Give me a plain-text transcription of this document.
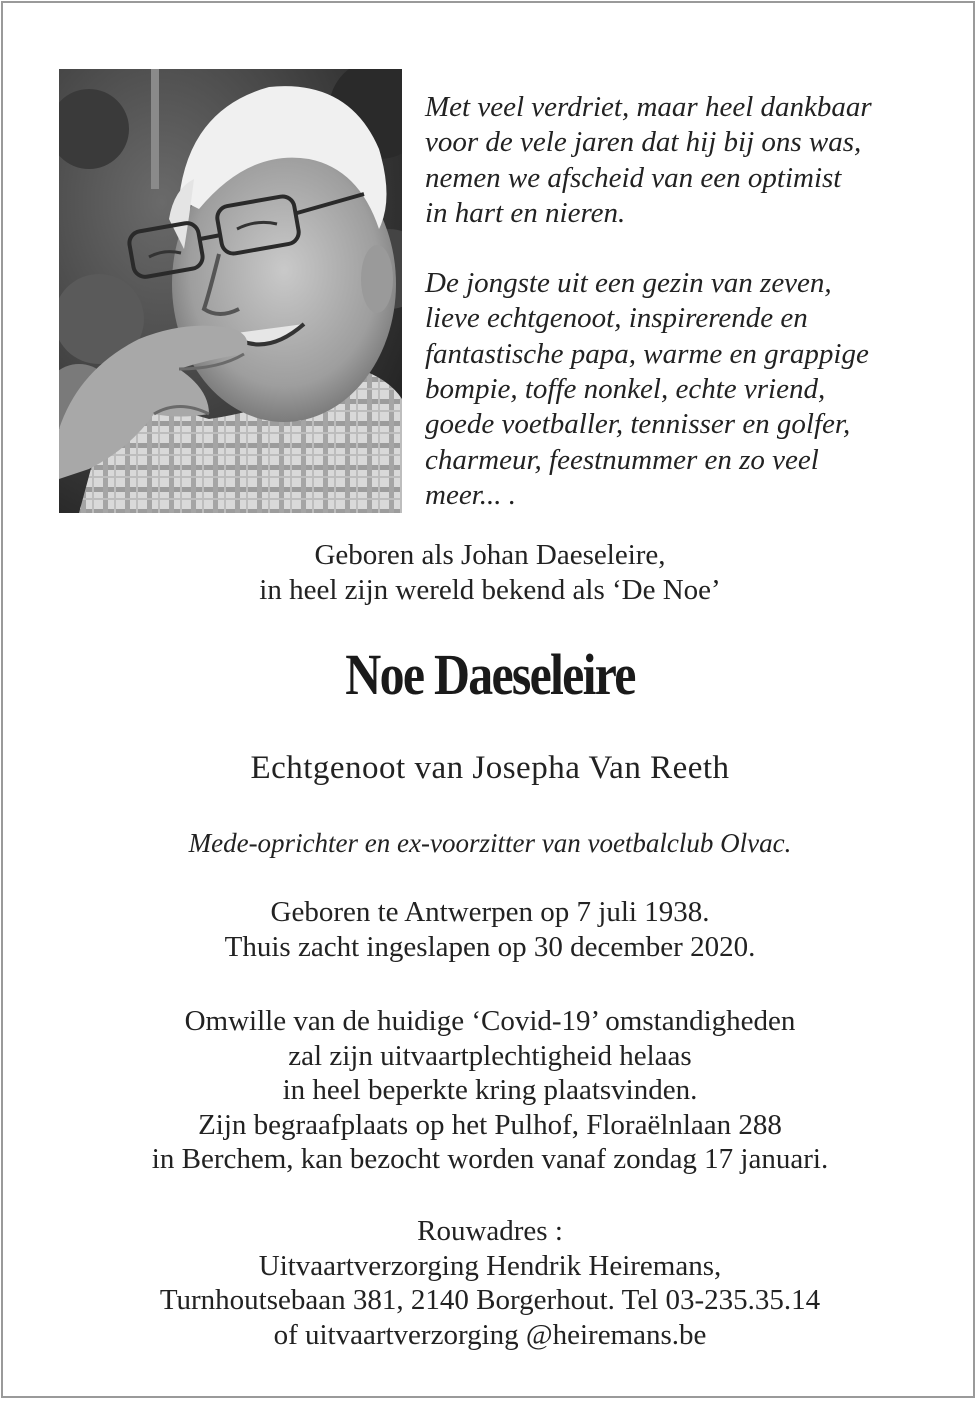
Met veel verdriet, maar heel dankbaar
voor de vele jaren dat hij bij ons was,
nemen we afscheid van een optimist
in hart en nieren.

De jongste uit een gezin van zeven,
lieve echtgenoot, inspirerende en
fantastische papa, warme en grappige
bompie, toffe nonkel, echte vriend,
goede voetballer, tennisser en golfer,
charmeur, feestnummer en zo veel
meer... .

Geboren als Johan Daeseleire,
in heel zijn wereld bekend als ‘De Noe’

Noe Daeseleire

Echtgenoot van Josepha Van Reeth

Mede-oprichter en ex-voorzitter van voetbalclub Olvac.

Geboren te Antwerpen op 7 juli 1938.
Thuis zacht ingeslapen op 30 december 2020.

Omwille van de huidige ‘Covid-19’ omstandigheden
zal zijn uitvaartplechtigheid helaas
in heel beperkte kring plaatsvinden.
Zijn begraafplaats op het Pulhof, Floraëlnlaan 288
in Berchem, kan bezocht worden vanaf zondag 17 januari.

Rouwadres :
Uitvaartverzorging Hendrik Heiremans,
Turnhoutsebaan 381, 2140 Borgerhout. Tel 03-235.35.14
of uitvaartverzorging @heiremans.be
